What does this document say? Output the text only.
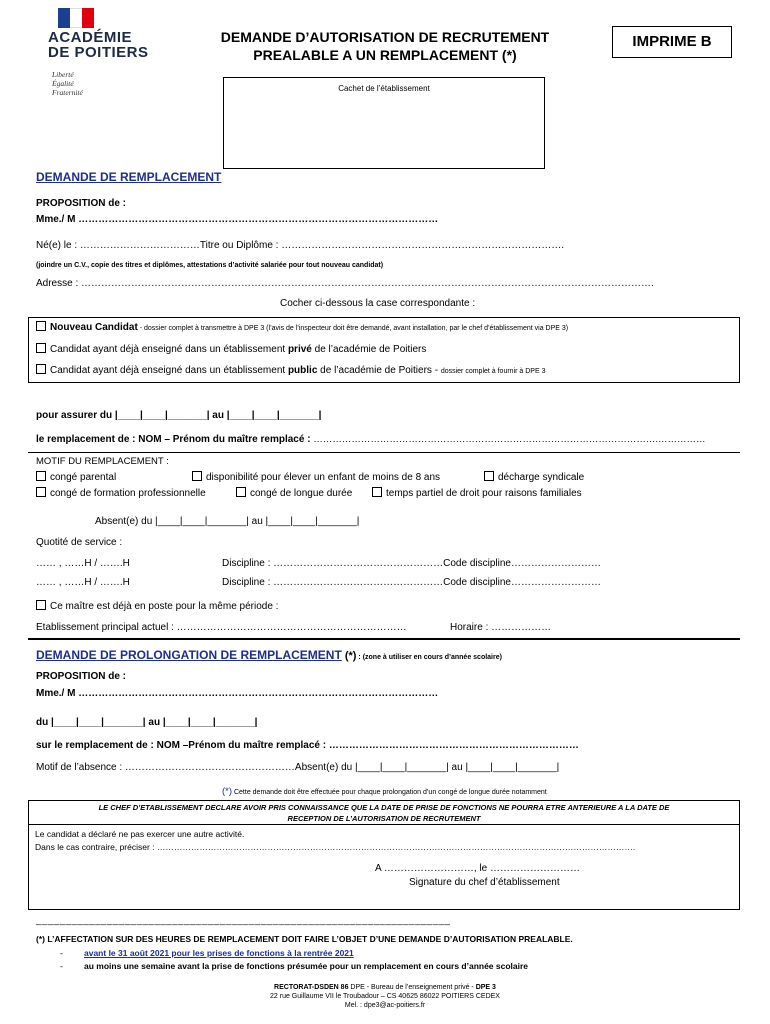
ACADÉMIE
DE POITIERS
Liberté
Égalité
Fraternité
DEMANDE D’AUTORISATION DE RECRUTEMENT
PREALABLE A UN REMPLACEMENT (*)
IMPRIME B
Cachet de l’établissement
DEMANDE DE REMPLACEMENT
PROPOSITION de :
Mme./ M ………………………………………………………………………………………………
Né(e) le : ………………………………Titre ou Diplôme : ………………………………………………………………………….
(joindre un C.V., copie des titres et diplômes, attestations d’activité salariée pour tout nouveau candidat)
Adresse : ……………………………………………………………………………………………………………………………………………………….
Cocher ci-dessous la case correspondante :
Nouveau Candidat - dossier complet à transmettre à DPE 3 (l’avis de l’inspecteur doit être demandé, avant installation, par le chef d’établissement via DPE 3)
Candidat ayant déjà enseigné dans un établissement privé de l’académie de Poitiers
Candidat ayant déjà enseigné dans un établissement public de l’académie de Poitiers - dossier complet à fournir à DPE 3
pour assurer du |____|____|_______| au |____|____|_______|
le remplacement de : NOM – Prénom du maître remplacé : ……………………………………………………………………………………………….……………
MOTIF DU REMPLACEMENT :
congé parental	disponibilité pour élever un enfant de moins de 8 ans	décharge syndicale
congé de formation professionnelle	congé de longue durée	temps partiel de droit pour raisons familiales
Absent(e) du |____|____|_______| au |____|____|_______|
Quotité de service :
…… , ……H / …….H	Discipline : ……………………………………………Code discipline………………………
…… , ……H / …….H	Discipline : ……………………………………………Code discipline………………………
Ce maître est déjà en poste pour la même période :
Etablissement principal actuel : ……………………………………………………………	Horaire : ………………
DEMANDE DE PROLONGATION DE REMPLACEMENT (*) : (zone à utiliser en cours d’année scolaire)
PROPOSITION de :
Mme./ M ………………………………………………………………………………………………
du |____|____|_______| au |____|____|_______|
sur le remplacement de : NOM –Prénom du maître remplacé : …………………………………………………………………
Motif de l’absence : ……………………………………………Absent(e) du |____|____|_______| au |____|____|_______|
(*) Cette demande doit être effectuée pour chaque prolongation d’un congé de longue durée notamment
LE CHEF D’ETABLISSEMENT DECLARE AVOIR PRIS CONNAISSANCE QUE LA DATE DE PRISE DE FONCTIONS NE POURRA ETRE ANTERIEURE A LA DATE DE
RECEPTION DE L’AUTORISATION DE RECRUTEMENT
Le candidat a déclaré ne pas exercer une autre activité.
Dans le cas contraire, préciser : …………………………………………………………………………………………………………………………………………………….
A ………………………, le ………………………
Signature du chef d’établissement
_ _ _ _ _ _ _ _ _ _ _ _ _ _ _ _ _ _ _ _ _ _ _ _ _ _ _ _ _ _ _ _ _ _ _ _ _ _ _ _ _ _ _ _ _ _ _ _ _ _ _ _ _ _ _ _ _ _ _ _ _ _ _ _ _ _ _ _ _ _
(*) L’AFFECTATION SUR DES HEURES DE REMPLACEMENT DOIT FAIRE L’OBJET D’UNE DEMANDE D’AUTORISATION PREALABLE.
- avant le 31 août 2021 pour les prises de fonctions à la rentrée 2021
- au moins une semaine avant la prise de fonctions présumée pour un remplacement en cours d’année scolaire
RECTORAT-DSDEN 86 DPE - Bureau de l’enseignement privé - DPE 3
22 rue Guillaume VII le Troubadour – CS 40625 86022 POITIERS CEDEX
Mel. : dpe3@ac-poitiers.fr
